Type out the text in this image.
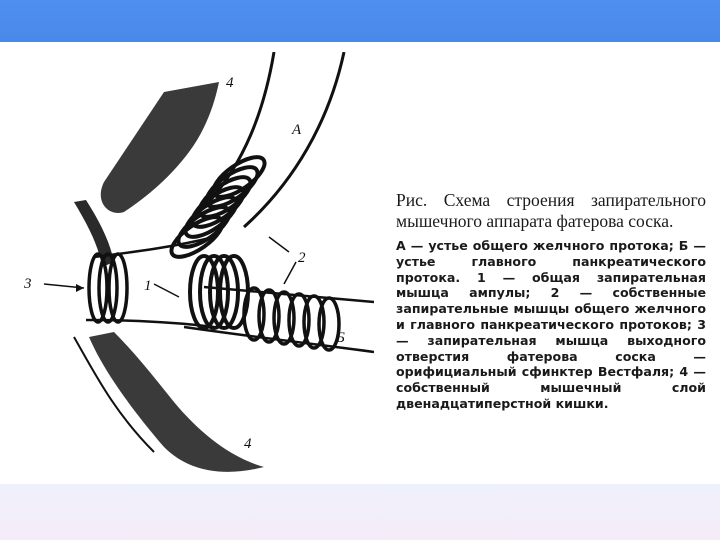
4
А
2
3	1
Б
4

Рис. Схема строения запирательного мышечного аппарата фатерова соска.

А — устье общего желчного протока; Б — устье главного панкреатического протока. 1 — общая запирательная мышца ампулы; 2 — собственные запирательные мышцы общего желчного и главного панкреатического протоков; 3 — запирательная мышца выходного отверстия фатерова соска — орифициальный сфинктер Вестфаля; 4 — собственный мышечный слой двенадцатиперстной кишки.
